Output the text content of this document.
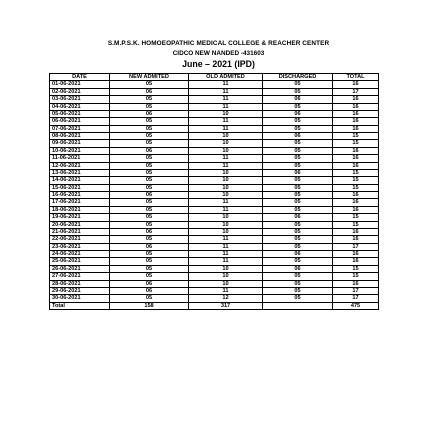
S.M.P.S.K. HOMOEOPATHIC MEDICAL COLLEGE & REACHER CENTER
CIDCO NEW NANDED -431603
June – 2021 (IPD)
DATE	NEW ADMITED	OLD ADMITED	DISCHARGED	TOTAL
01-06-2021	05	11	05	16
02-06-2021	06	11	05	17
03-06-2021	05	11	06	16
04-06-2021	05	11	05	16
05-06-2021	06	10	06	16
06-06-2021	05	11	05	16
07-06-2021	05	11	05	16
08-06-2021	05	10	06	15
09-06-2021	05	10	05	15
10-06-2021	06	10	05	16
11-06-2021	05	11	05	16
12-06-2021	05	11	05	16
13-06-2021	05	10	06	15
14-06-2021	05	10	05	15
15-06-2021	05	10	05	15
16-06-2021	06	10	05	16
17-06-2021	05	11	05	16
18-06-2021	05	11	05	16
19-06-2021	05	10	06	15
20-06-2021	05	10	05	15
21-06-2021	06	10	05	16
22-06-2021	05	11	05	16
23-06-2021	06	11	05	17
24-06-2021	05	11	06	16
25-06-2021	05	11	05	16
26-06-2021	05	10	06	15
27-06-2021	05	10	05	15
28-06-2021	06	10	05	16
29-06-2021	06	11	05	17
30-06-2021	05	12	05	17
Total	158	317		475
